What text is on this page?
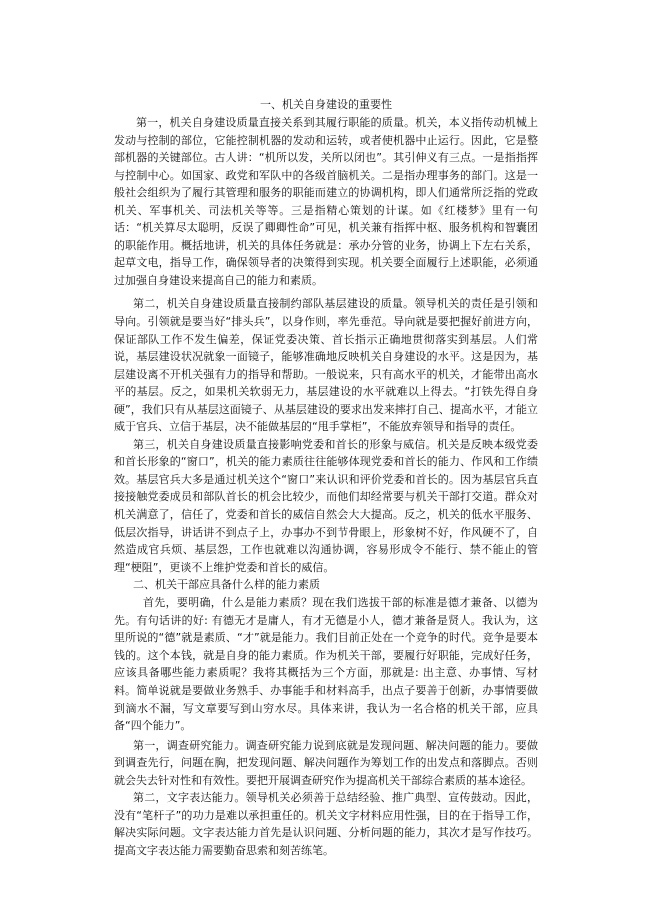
一、机关自身建设的重要性

第一，机关自身建设质量直接关系到其履行职能的质量。机关，本义指传动机械上发动与控制的部位，它能控制机器的发动和运转，或者使机器中止运行。因此，它是整部机器的关键部位。古人讲：“机所以发，关所以闭也”。其引伸义有三点。一是指指挥与控制中心。如国家、政党和军队中的各级首脑机关。二是指办理事务的部门。这是一般社会组织为了履行其管理和服务的职能而建立的协调机构，即人们通常所泛指的党政机关、军事机关、司法机关等等。三是指精心策划的计谋。如《红楼梦》里有一句话：“机关算尽太聪明，反误了卿卿性命”可见，机关兼有指挥中枢、服务机构和智囊团的职能作用。概括地讲，机关的具体任务就是：承办分管的业务，协调上下左右关系，起草文电，指导工作，确保领导者的决策得到实现。机关要全面履行上述职能，必须通过加强自身建设来提高自己的能力和素质。

第二，机关自身建设质量直接制约部队基层建设的质量。领导机关的责任是引领和导向。引领就是要当好“排头兵”，以身作则，率先垂范。导向就是要把握好前进方向，保证部队工作不发生偏差，保证党委决策、首长指示正确地贯彻落实到基层。人们常说，基层建设状况就象一面镜子，能够准确地反映机关自身建设的水平。这是因为，基层建设离不开机关强有力的指导和帮助。一般说来，只有高水平的机关，才能带出高水平的基层。反之，如果机关软弱无力，基层建设的水平就难以上得去。“打铁先得自身硬”，我们只有从基层这面镜子、从基层建设的要求出发来摔打自己、提高水平，才能立威于官兵、立信于基层，决不能做基层的“甩手掌柜”，不能放弃领导和指导的责任。

第三，机关自身建设质量直接影响党委和首长的形象与威信。机关是反映本级党委和首长形象的“窗口”，机关的能力素质往往能够体现党委和首长的能力、作风和工作绩效。基层官兵大多是通过机关这个“窗口”来认识和评价党委和首长的。因为基层官兵直接接触党委成员和部队首长的机会比较少，而他们却经常要与机关干部打交道。群众对机关满意了，信任了，党委和首长的威信自然会大大提高。反之，机关的低水平服务、低层次指导，讲话讲不到点子上，办事办不到节骨眼上，形象树不好，作风硬不了，自然造成官兵烦、基层怨，工作也就难以沟通协调，容易形成令不能行、禁不能止的管理“梗阻”，更谈不上维护党委和首长的威信。

二、机关干部应具备什么样的能力素质

首先，要明确，什么是能力素质？现在我们选拔干部的标准是德才兼备、以德为先。有句话讲的好: 有德无才是庸人，有才无德是小人，德才兼备是贤人。我认为，这里所说的“德”就是素质、“才”就是能力。我们目前正处在一个竞争的时代。竞争是要本钱的。这个本钱，就是自身的能力素质。作为机关干部，要履行好职能，完成好任务，应该具备哪些能力素质呢？我将其概括为三个方面，那就是: 出主意、办事情、写材料。简单说就是要做业务熟手、办事能手和材料高手，出点子要善于创新，办事情要做到滴水不漏，写文章要写到山穷水尽。具体来讲，我认为一名合格的机关干部，应具备“四个能力”。

第一，调查研究能力。调查研究能力说到底就是发现问题、解决问题的能力。要做到调查先行，问题在胸，把发现问题、解决问题作为筹划工作的出发点和落脚点。否则就会失去针对性和有效性。要把开展调查研究作为提高机关干部综合素质的基本途径。

第二，文字表达能力。领导机关必须善于总结经验、推广典型、宣传鼓动。因此，没有“笔杆子”的功力是难以承担重任的。机关文字材料应用性强，目的在于指导工作，解决实际问题。文字表达能力首先是认识问题、分析问题的能力，其次才是写作技巧。提高文字表达能力需要勤奋思索和刻苦练笔。
